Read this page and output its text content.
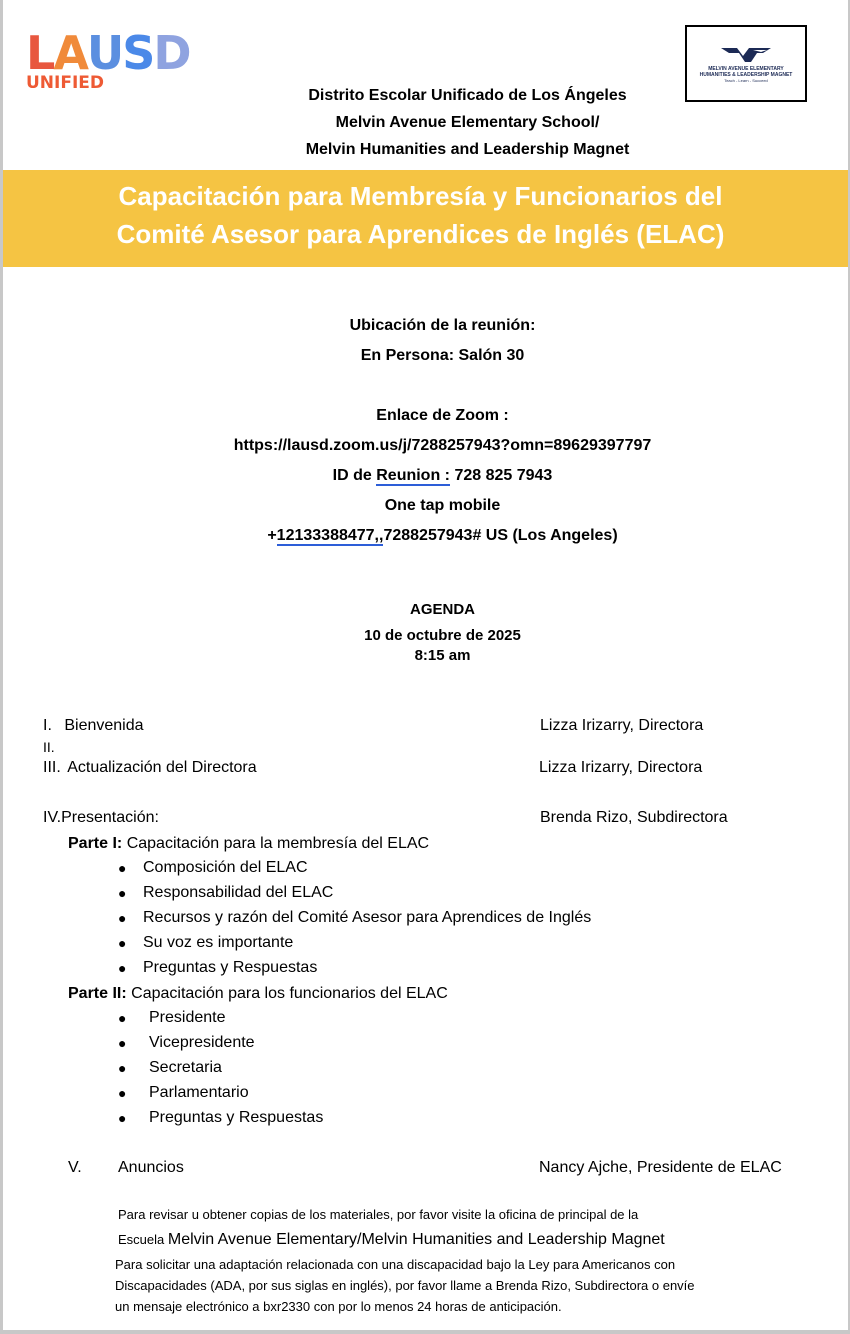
L A U S D
UNIFIED
MELVIN AVENUE ELEMENTARY
HUMANITIES & LEADERSHIP MAGNET
Teach - Learn - Succeed
Distrito Escolar Unificado de Los Ángeles
Melvin Avenue Elementary School/
Melvin Humanities and Leadership Magnet
Capacitación para Membresía y Funcionarios del
Comité Asesor para Aprendices de Inglés (ELAC)
Ubicación de la reunión:
En Persona: Salón 30
Enlace de Zoom :
https://lausd.zoom.us/j/7288257943?omn=89629397797
ID de Reunion : 728 825 7943
One tap mobile
+12133388477,,7288257943# US (Los Angeles)
AGENDA
10 de octubre de 2025
8:15 am
I. Bienvenida	Lizza Irizarry, Directora
II.
III. Actualización del Directora	Lizza Irizarry, Directora
IV.Presentación:	Brenda Rizo, Subdirectora
Parte I: Capacitación para la membresía del ELAC
●	Composición del ELAC
●	Responsabilidad del ELAC
●	Recursos y razón del Comité Asesor para Aprendices de Inglés
●	Su voz es importante
●	Preguntas y Respuestas
Parte II: Capacitación para los funcionarios del ELAC
●	Presidente
●	Vicepresidente
●	Secretaria
●	Parlamentario
●	Preguntas y Respuestas
V. Anuncios	Nancy Ajche, Presidente de ELAC
Para revisar u obtener copias de los materiales, por favor visite la oficina de principal de la
Escuela Melvin Avenue Elementary/Melvin Humanities and Leadership Magnet
Para solicitar una adaptación relacionada con una discapacidad bajo la Ley para Americanos con
Discapacidades (ADA, por sus siglas en inglés), por favor llame a Brenda Rizo, Subdirectora o envíe
un mensaje electrónico a bxr2330 con por lo menos 24 horas de anticipación.
